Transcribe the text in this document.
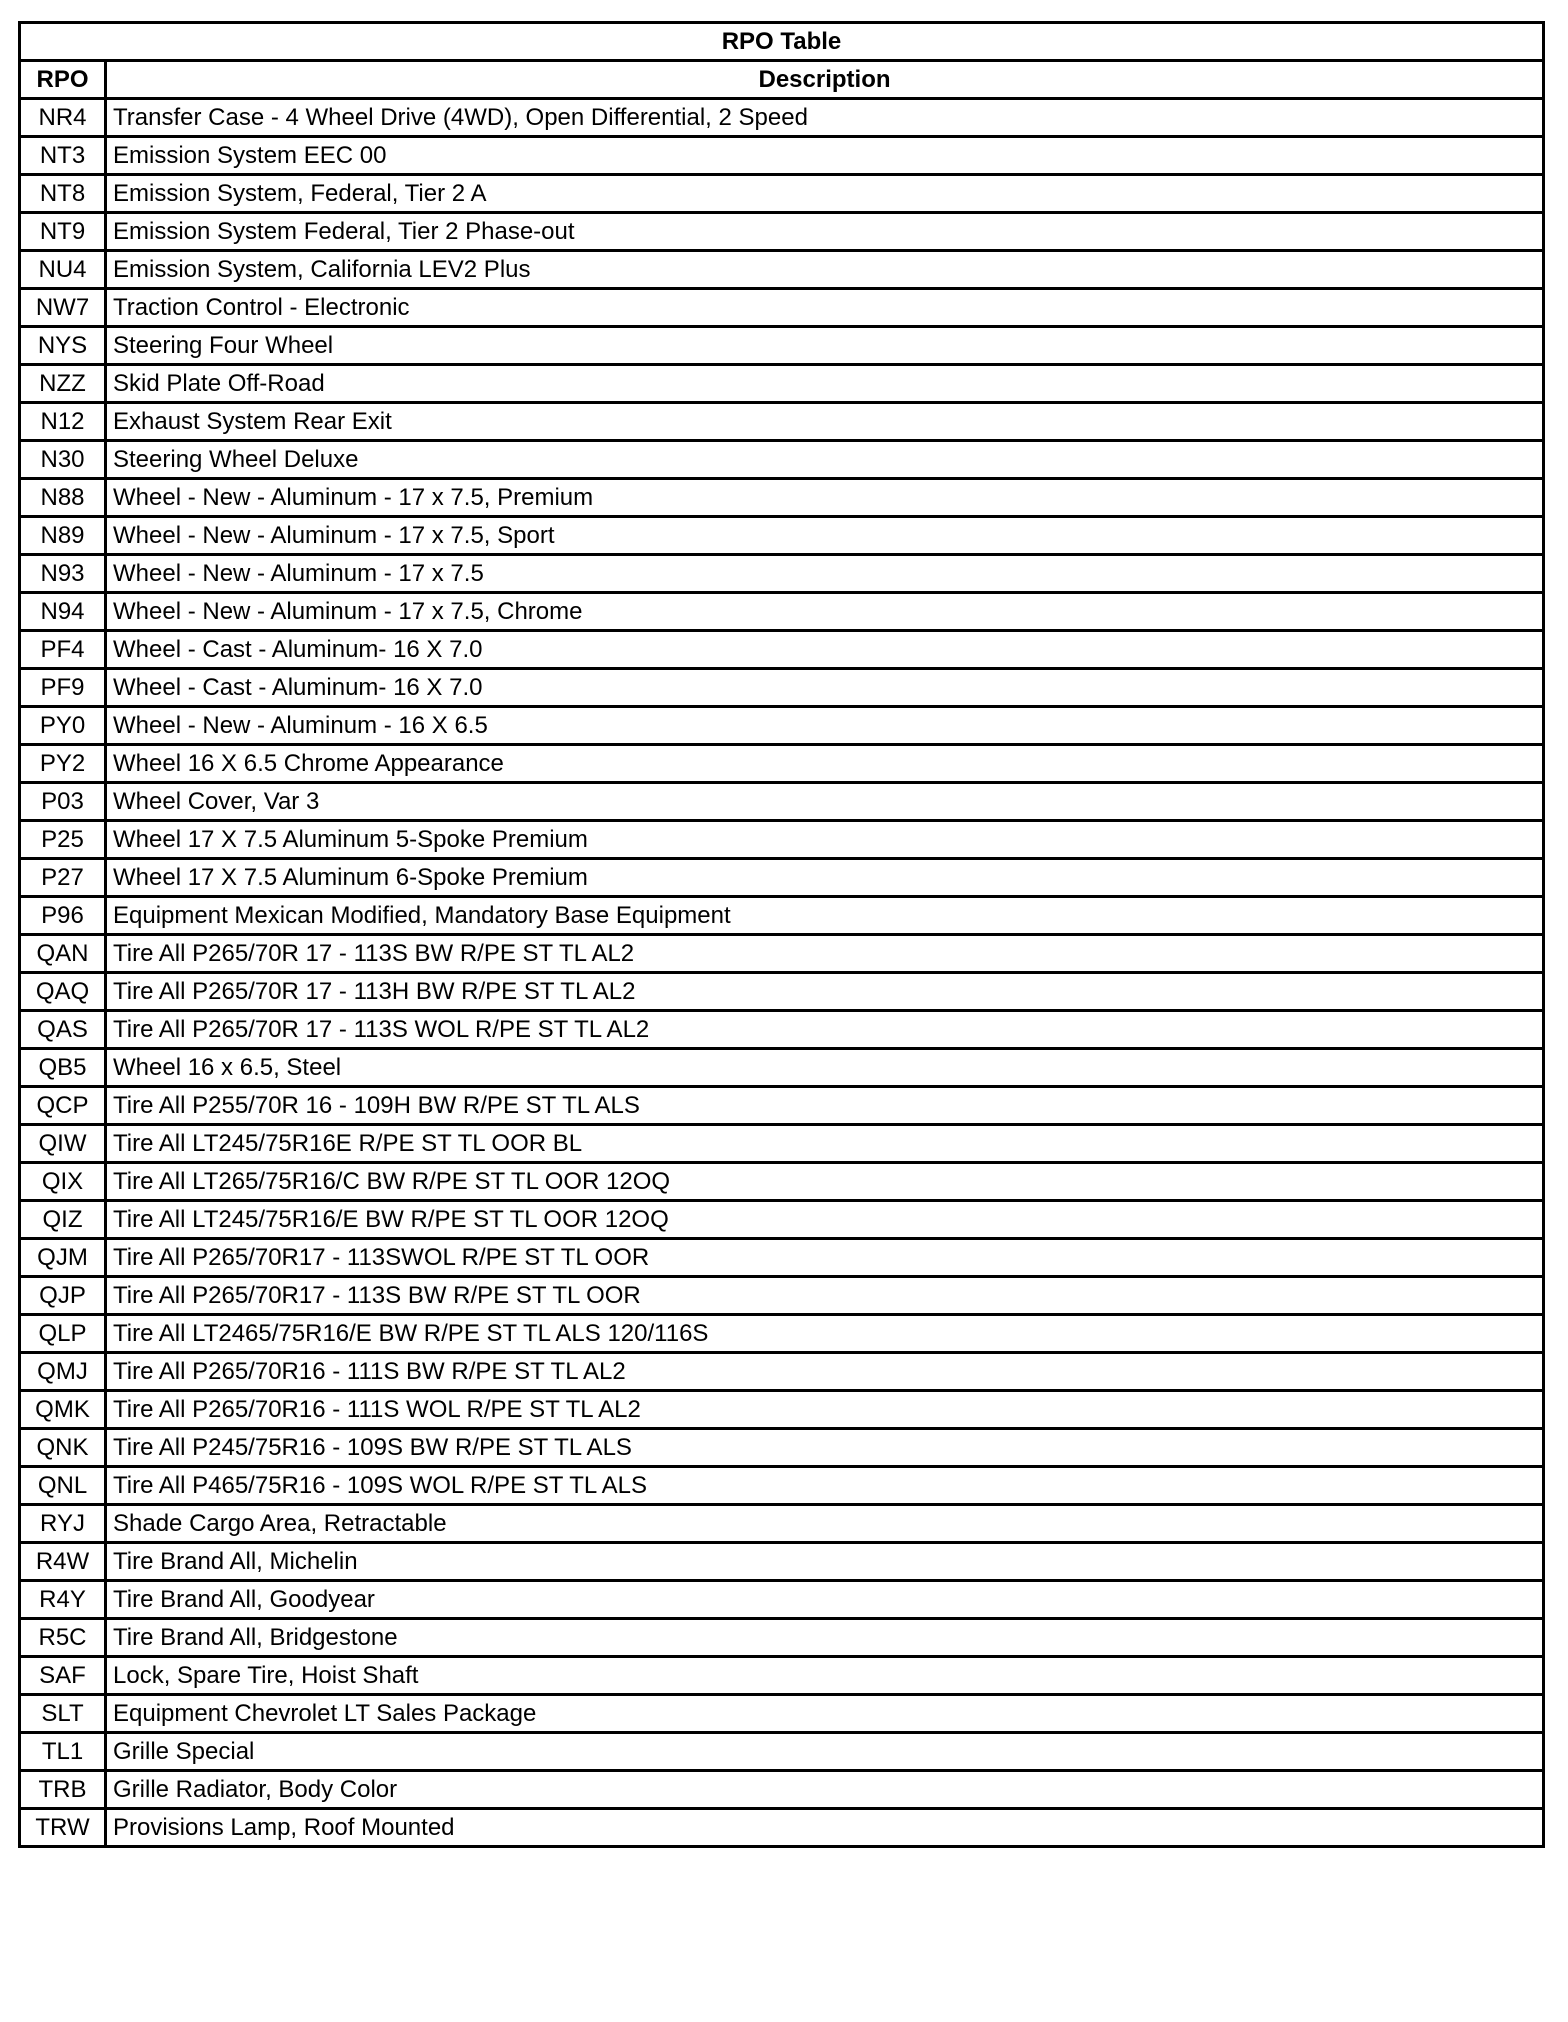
RPO Table	
RPO	Description
NR4	Transfer Case - 4 Wheel Drive (4WD), Open Differential, 2 Speed
NT3	Emission System EEC 00
NT8	Emission System, Federal, Tier 2 A
NT9	Emission System Federal, Tier 2 Phase-out
NU4	Emission System, California LEV2 Plus
NW7	Traction Control - Electronic
NYS	Steering Four Wheel
NZZ	Skid Plate Off-Road
N12	Exhaust System Rear Exit
N30	Steering Wheel Deluxe
N88	Wheel - New - Aluminum - 17 x 7.5, Premium
N89	Wheel - New - Aluminum - 17 x 7.5, Sport
N93	Wheel - New - Aluminum - 17 x 7.5
N94	Wheel - New - Aluminum - 17 x 7.5, Chrome
PF4	Wheel - Cast - Aluminum- 16 X 7.0
PF9	Wheel - Cast - Aluminum- 16 X 7.0
PY0	Wheel - New - Aluminum - 16 X 6.5
PY2	Wheel 16 X 6.5 Chrome Appearance
P03	Wheel Cover, Var 3
P25	Wheel 17 X 7.5 Aluminum 5-Spoke Premium
P27	Wheel 17 X 7.5 Aluminum 6-Spoke Premium
P96	Equipment Mexican Modified, Mandatory Base Equipment
QAN	Tire All P265/70R 17 - 113S BW R/PE ST TL AL2
QAQ	Tire All P265/70R 17 - 113H BW R/PE ST TL AL2
QAS	Tire All P265/70R 17 - 113S WOL R/PE ST TL AL2
QB5	Wheel 16 x 6.5, Steel
QCP	Tire All P255/70R 16 - 109H BW R/PE ST TL ALS
QIW	Tire All LT245/75R16E R/PE ST TL OOR BL
QIX	Tire All LT265/75R16/C BW R/PE ST TL OOR 12OQ
QIZ	Tire All LT245/75R16/E BW R/PE ST TL OOR 12OQ
QJM	Tire All P265/70R17 - 113SWOL R/PE ST TL OOR
QJP	Tire All P265/70R17 - 113S BW R/PE ST TL OOR
QLP	Tire All LT2465/75R16/E BW R/PE ST TL ALS 120/116S
QMJ	Tire All P265/70R16 - 111S BW R/PE ST TL AL2
QMK	Tire All P265/70R16 - 111S WOL R/PE ST TL AL2
QNK	Tire All P245/75R16 - 109S BW R/PE ST TL ALS
QNL	Tire All P465/75R16 - 109S WOL R/PE ST TL ALS
RYJ	Shade Cargo Area, Retractable
R4W	Tire Brand All, Michelin
R4Y	Tire Brand All, Goodyear
R5C	Tire Brand All, Bridgestone
SAF	Lock, Spare Tire, Hoist Shaft
SLT	Equipment Chevrolet LT Sales Package
TL1	Grille Special
TRB	Grille Radiator, Body Color
TRW	Provisions Lamp, Roof Mounted
